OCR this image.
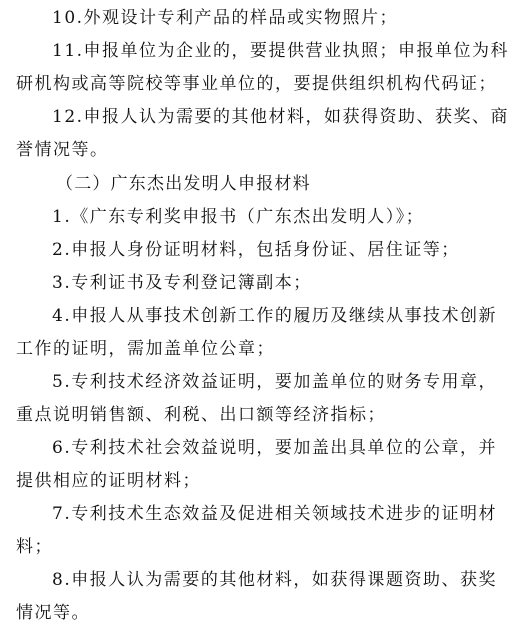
10.外观设计专利产品的样品或实物照片；
11.申报单位为企业的，要提供营业执照；申报单位为科
研机构或高等院校等事业单位的，要提供组织机构代码证；
12.申报人认为需要的其他材料，如获得资助、获奖、商
誉情况等。
（二）广东杰出发明人申报材料
1.《广东专利奖申报书（广东杰出发明人）》；
2.申报人身份证明材料，包括身份证、居住证等；
3.专利证书及专利登记簿副本；
4.申报人从事技术创新工作的履历及继续从事技术创新
工作的证明，需加盖单位公章；
5.专利技术经济效益证明，要加盖单位的财务专用章，
重点说明销售额、利税、出口额等经济指标；
6.专利技术社会效益说明，要加盖出具单位的公章，并
提供相应的证明材料；
7.专利技术生态效益及促进相关领域技术进步的证明材
料；
8.申报人认为需要的其他材料，如获得课题资助、获奖
情况等。
